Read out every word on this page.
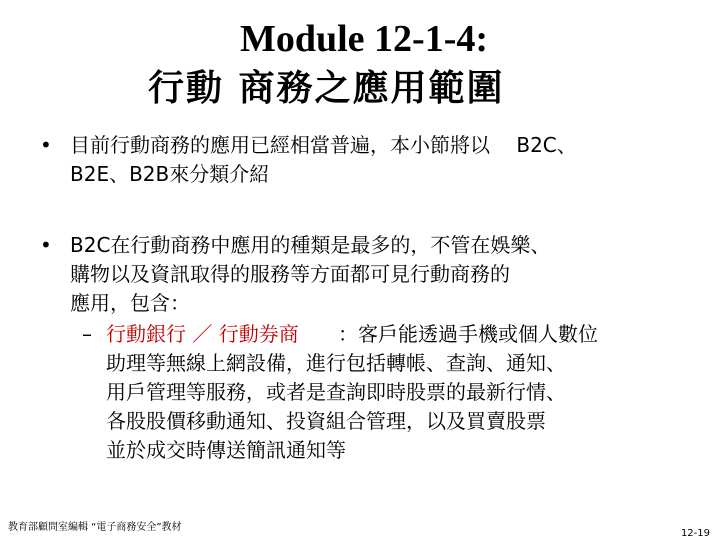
Module 12-1-4:
行動 商務之應用範圍
• 目前行動商務的應用已經相當普遍，本小節將以 　B2C、
B2E、B2B來分類介紹
• B2C在行動商務中應用的種類是最多的，不管在娛樂、
購物以及資訊取得的服務等方面都可見行動商務的
應用，包含：
– 行動銀行 ／ 行動券商 ：客戶能透過手機或個人數位
助理等無線上網設備，進行包括轉帳、查詢、通知、
用戶管理等服務，或者是查詢即時股票的最新行情、
各股股價移動通知、投資組合管理，以及買賣股票
並於成交時傳送簡訊通知等
教育部顧問室編輯 “電子商務安全”教材
12-19
